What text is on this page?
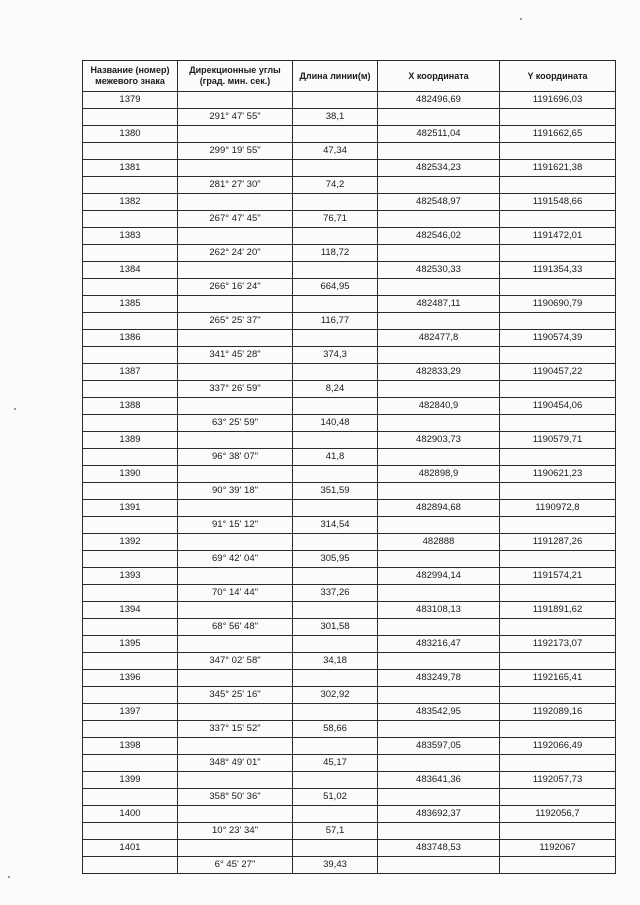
Название (номер) межевого знака	Дирекционные углы (град. мин. сек.)	Длина линии(м)	X координата	Y координата
1379			482496,69	1191696,03
	291° 47' 55"	38,1		
1380			482511,04	1191662,65
	299° 19' 55"	47,34		
1381			482534,23	1191621,38
	281° 27' 30"	74,2		
1382			482548,97	1191548,66
	267° 47' 45"	76,71		
1383			482546,02	1191472,01
	262° 24' 20"	118,72		
1384			482530,33	1191354,33
	266° 16' 24"	664,95		
1385			482487,11	1190690,79
	265° 25' 37"	116,77		
1386			482477,8	1190574,39
	341° 45' 28"	374,3		
1387			482833,29	1190457,22
	337° 26' 59"	8,24		
1388			482840,9	1190454,06
	63° 25' 59"	140,48		
1389			482903,73	1190579,71
	96° 38' 07"	41,8		
1390			482898,9	1190621,23
	90° 39' 18"	351,59		
1391			482894,68	1190972,8
	91° 15' 12"	314,54		
1392			482888	1191287,26
	69° 42' 04"	305,95		
1393			482994,14	1191574,21
	70° 14' 44"	337,26		
1394			483108,13	1191891,62
	68° 56' 48"	301,58		
1395			483216,47	1192173,07
	347° 02' 58"	34,18		
1396			483249,78	1192165,41
	345° 25' 16"	302,92		
1397			483542,95	1192089,16
	337° 15' 52"	58,66		
1398			483597,05	1192066,49
	348° 49' 01"	45,17		
1399			483641,36	1192057,73
	358° 50' 36"	51,02		
1400			483692,37	1192056,7
	10° 23' 34"	57,1		
1401			483748,53	1192067
	6° 45' 27"	39,43		
